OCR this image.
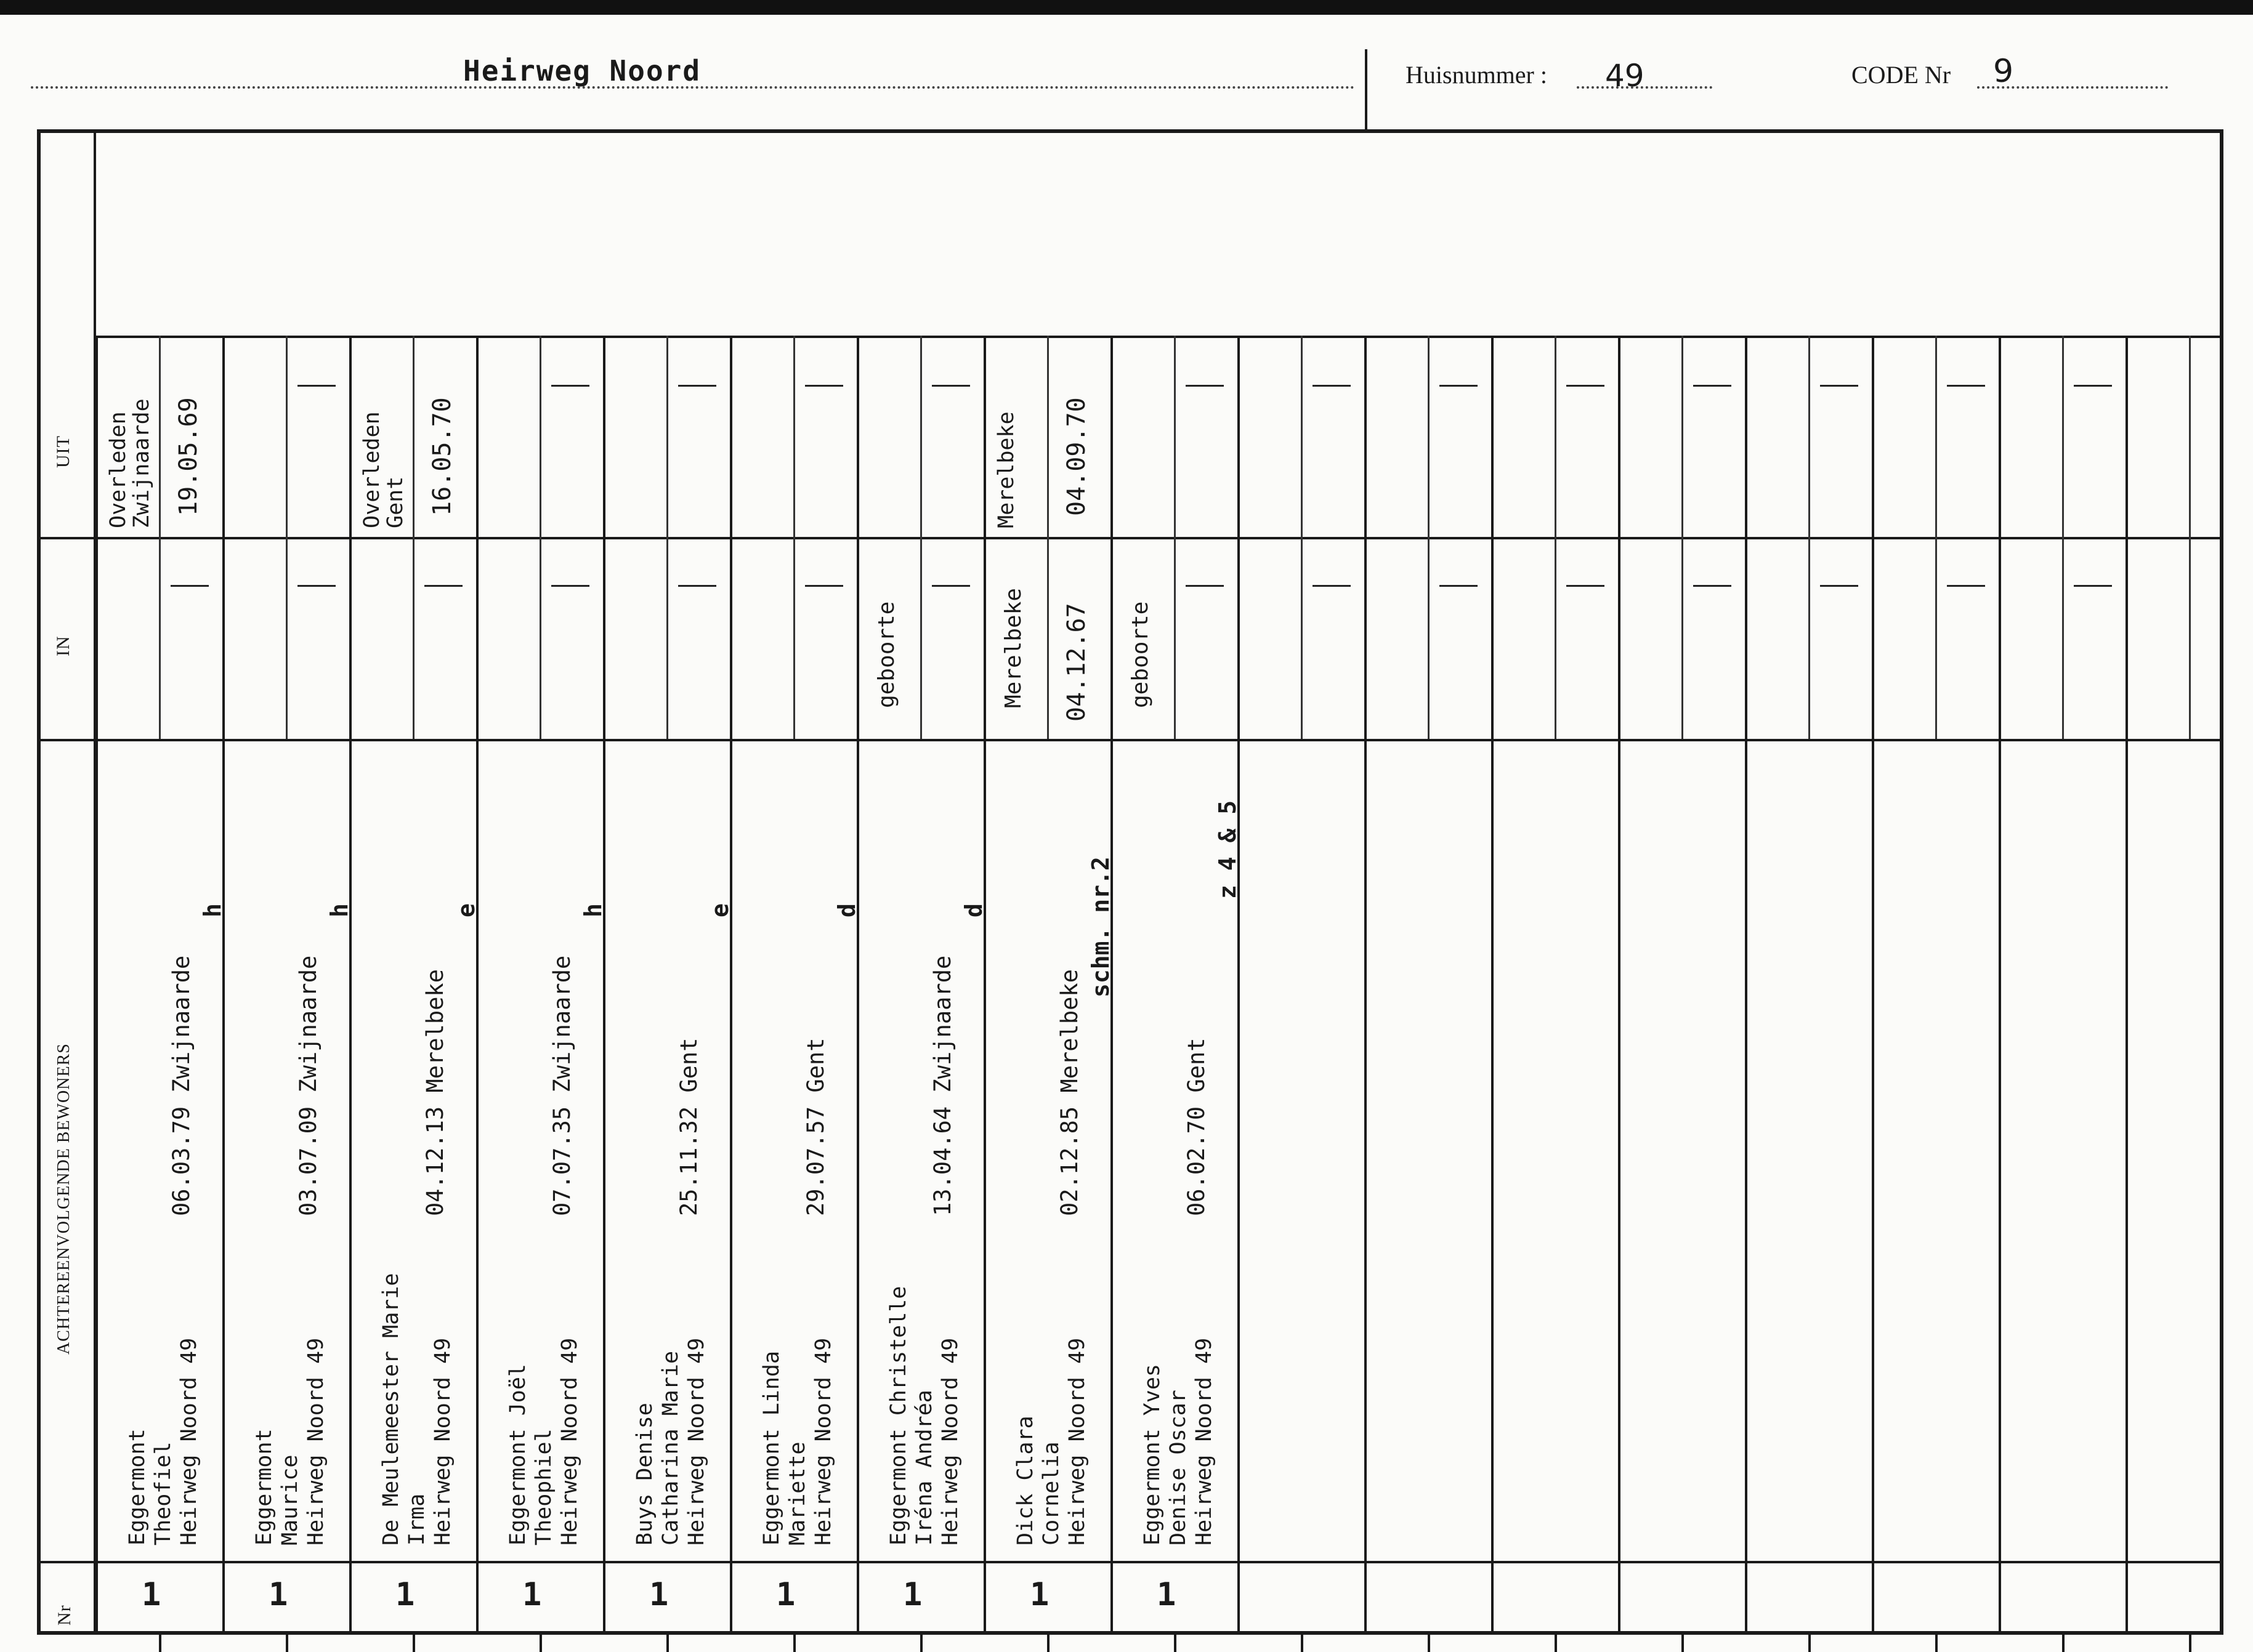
Heirweg Noord	Huisnummer : 49	CODE Nr 9
UIT
IN
ACHTEREENVOLGENDE BEWONERS
Nr
Eggermont Theofiel Heirweg Noord 49
06.03.79 Zwijnaarde
h
Overleden
Zwijnaarde 19.05.69
1
Eggermont Maurice Heirweg Noord 49
03.07.09 Zwijnaarde
h
1
De Meulemeester Marie Irma Heirweg Noord 49
04.12.13 Merelbeke
e
Overleden
Gent 16.05.70
1
Eggermont Joël Theophiel Heirweg Noord 49
07.07.35 Zwijnaarde
h
1
Buys Denise Catharina Marie Heirweg Noord 49
25.11.32 Gent
e
1
Eggermont Linda Mariette Heirweg Noord 49
29.07.57 Gent
d
1
Eggermont Christelle Iréna Andréa Heirweg Noord 49
13.04.64 Zwijnaarde
d
geboorte
1
Dick Clara Cornelia Heirweg Noord 49
02.12.85 Merelbeke
schm. nr.2
Merelbeke 04.09.70
Merelbeke 04.12.67
1
Eggermont Yves Denise Oscar Heirweg Noord 49
06.02.70 Gent
z 4 & 5
geboorte
1
